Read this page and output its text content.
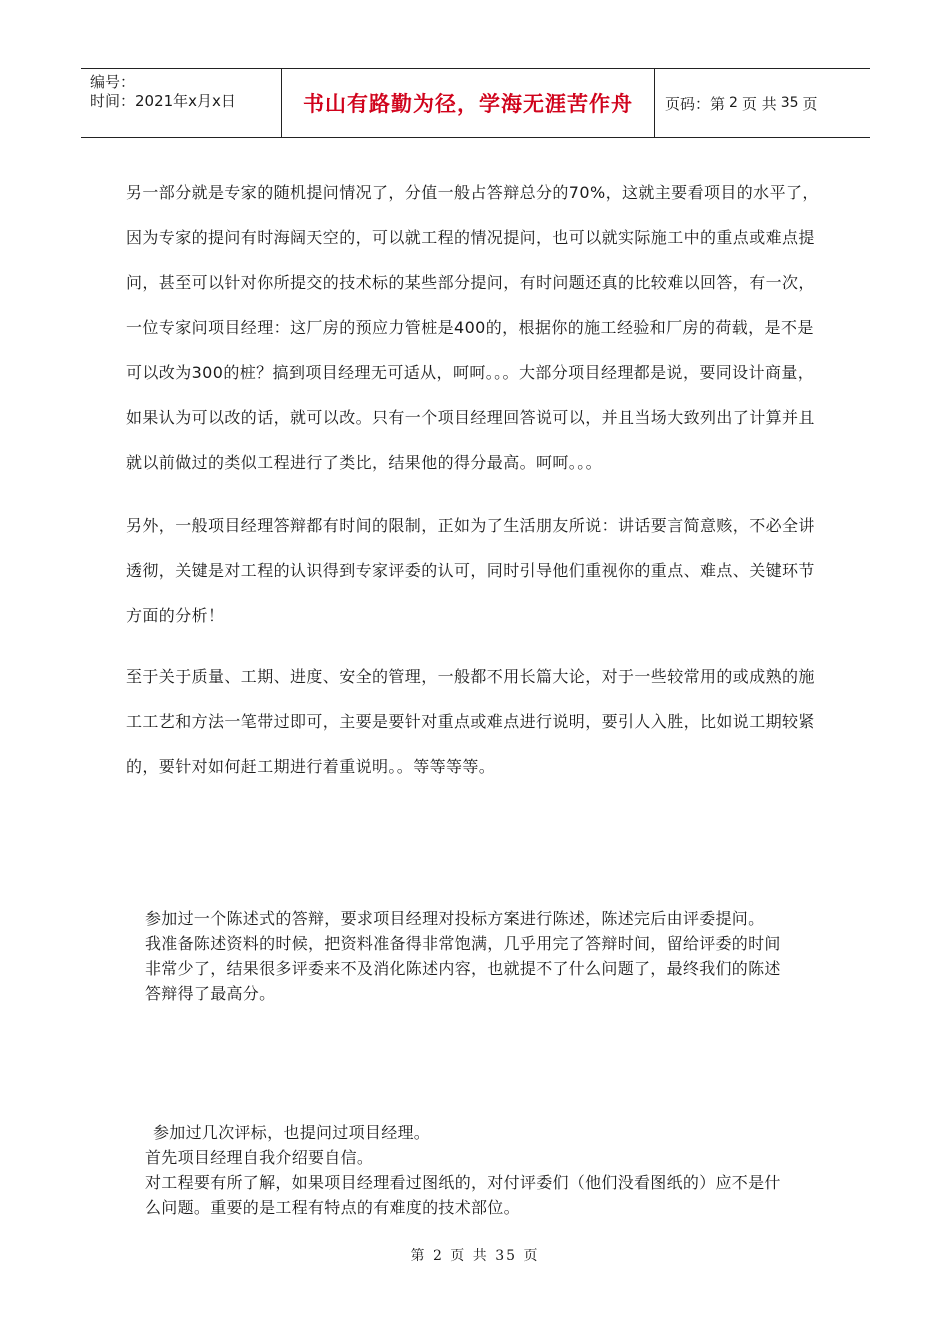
编号：
时间：2021年x月x日	书山有路勤为径，学海无涯苦作舟	页码：第 2 页 共 35 页
另一部分就是专家的随机提问情况了，分值一般占答辩总分的70%，这就主要看项目的水平了，因为专家的提问有时海阔天空的，可以就工程的情况提问，也可以就实际施工中的重点或难点提问，甚至可以针对你所提交的技术标的某些部分提问，有时问题还真的比较难以回答，有一次，一位专家问项目经理：这厂房的预应力管桩是400的，根据你的施工经验和厂房的荷载，是不是可以改为300的桩？搞到项目经理无可适从，呵呵。。。大部分项目经理都是说，要同设计商量，如果认为可以改的话，就可以改。只有一个项目经理回答说可以，并且当场大致列出了计算并且就以前做过的类似工程进行了类比，结果他的得分最高。呵呵。。。
另外，一般项目经理答辩都有时间的限制，正如为了生活朋友所说：讲话要言简意赅，不必全讲透彻，关键是对工程的认识得到专家评委的认可，同时引导他们重视你的重点、难点、关键环节方面的分析！
至于关于质量、工期、进度、安全的管理，一般都不用长篇大论，对于一些较常用的或成熟的施工工艺和方法一笔带过即可，主要是要针对重点或难点进行说明，要引人入胜，比如说工期较紧的，要针对如何赶工期进行着重说明。。等等等等。
参加过一个陈述式的答辩，要求项目经理对投标方案进行陈述，陈述完后由评委提问。
我准备陈述资料的时候，把资料准备得非常饱满，几乎用完了答辩时间，留给评委的时间
非常少了，结果很多评委来不及消化陈述内容，也就提不了什么问题了，最终我们的陈述
答辩得了最高分。
参加过几次评标，也提问过项目经理。
首先项目经理自我介绍要自信。
对工程要有所了解，如果项目经理看过图纸的，对付评委们（他们没看图纸的）应不是什
么问题。重要的是工程有特点的有难度的技术部位。
第 2 页 共 35 页
